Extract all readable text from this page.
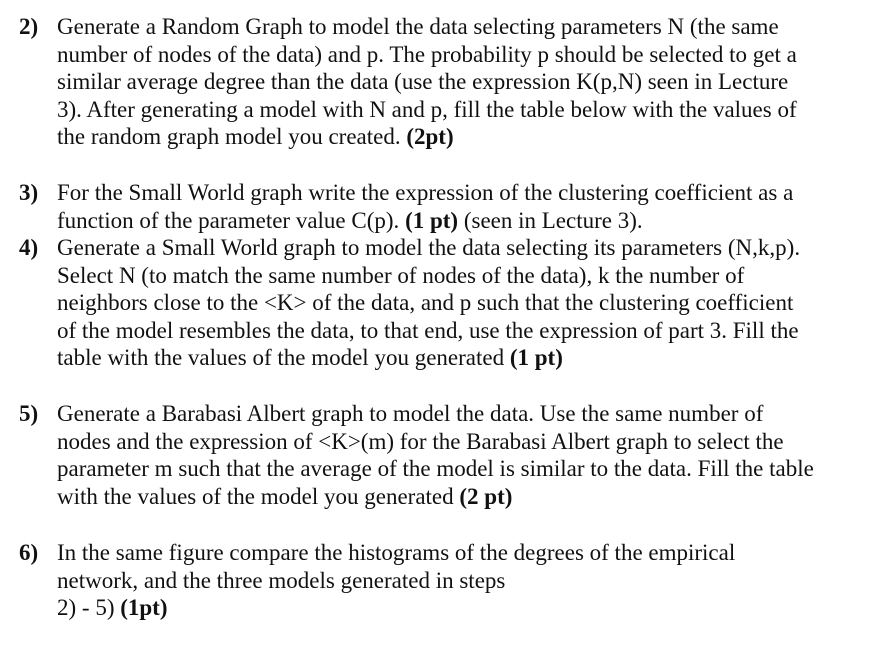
2) Generate a Random Graph to model the data selecting parameters N (the same
number of nodes of the data) and p. The probability p should be selected to get a
similar average degree than the data (use the expression K(p,N) seen in Lecture
3). After generating a model with N and p, fill the table below with the values of
the random graph model you created. (2pt)
3) For the Small World graph write the expression of the clustering coefficient as a
function of the parameter value C(p). (1 pt) (seen in Lecture 3).
4) Generate a Small World graph to model the data selecting its parameters (N,k,p).
Select N (to match the same number of nodes of the data), k the number of
neighbors close to the <K> of the data, and p such that the clustering coefficient
of the model resembles the data, to that end, use the expression of part 3. Fill the
table with the values of the model you generated (1 pt)
5) Generate a Barabasi Albert graph to model the data. Use the same number of
nodes and the expression of <K>(m) for the Barabasi Albert graph to select the
parameter m such that the average of the model is similar to the data. Fill the table
with the values of the model you generated (2 pt)
6) In the same figure compare the histograms of the degrees of the empirical
network, and the three models generated in steps
2) - 5) (1pt)
